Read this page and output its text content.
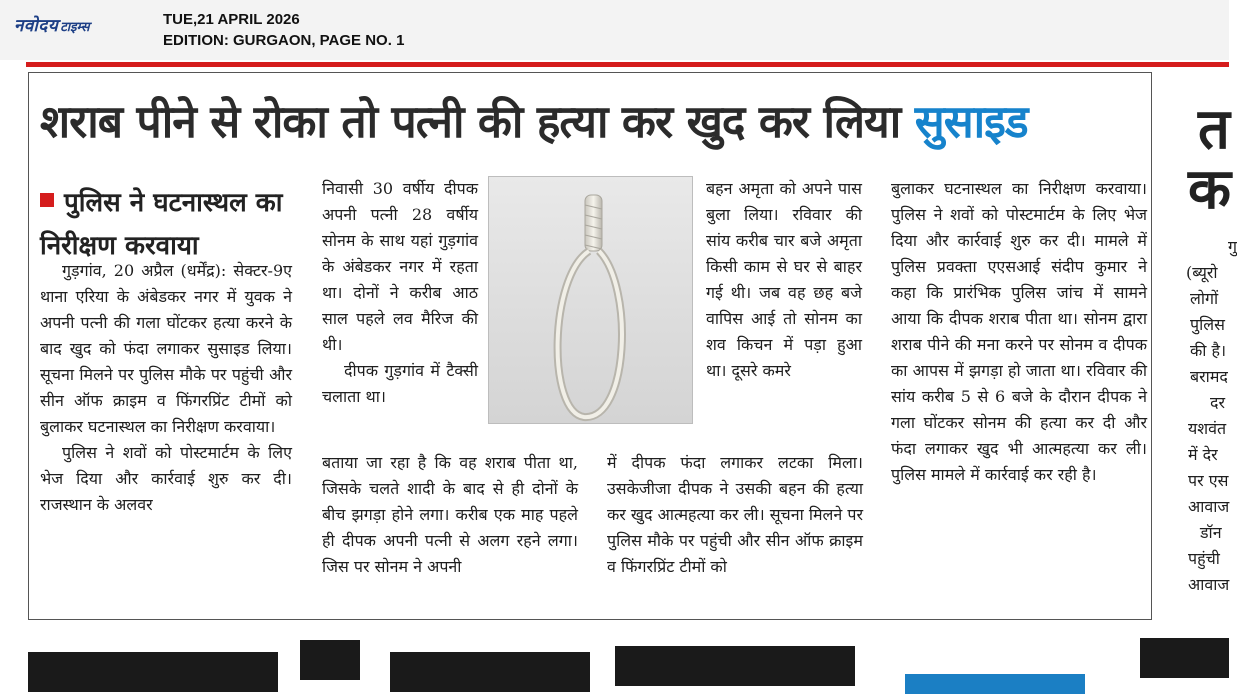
नवोदय टाइम्स	TUE,21 APRIL 2026
EDITION: GURGAON, PAGE NO. 1
शराब पीने से रोका तो पत्नी की हत्या कर खुद कर लिया सुसाइड
पुलिस ने घटनास्थल का निरीक्षण करवाया

गुड़गांव, 20 अप्रैल (धर्मेंद्र): सेक्टर-9ए थाना एरिया के अंबेडकर नगर में युवक ने अपनी पत्नी की गला घोंटकर हत्या करने के बाद खुद को फंदा लगाकर सुसाइड लिया। सूचना मिलने पर पुलिस मौके पर पहुंची और सीन ऑफ क्राइम व फिंगरप्रिंट टीमों को बुलाकर घटनास्थल का निरीक्षण करवाया।

पुलिस ने शवों को पोस्टमार्टम के लिए भेज दिया और कार्रवाई शुरु कर दी। राजस्थान के अलवर

निवासी 30 वर्षीय दीपक अपनी पत्नी 28 वर्षीय सोनम के साथ यहां गुड़गांव के अंबेडकर नगर में रहता था। दोनों ने करीब आठ साल पहले लव मैरिज की थी।

दीपक गुड़गांव में टैक्सी चलाता था।

बताया जा रहा है कि वह शराब पीता था, जिसके चलते शादी के बाद से ही दोनों के बीच झगड़ा होने लगा। करीब एक माह पहले ही दीपक अपनी पत्नी से अलग रहने लगा। जिस पर सोनम ने अपनी

बहन अमृता को अपने पास बुला लिया। रविवार की सांय करीब चार बजे अमृता किसी काम से घर से बाहर गई थी। जब वह छह बजे वापिस आई तो सोनम का शव किचन में पड़ा हुआ था। दूसरे कमरे

में दीपक फंदा लगाकर लटका मिला। उसकेजीजा दीपक ने उसकी बहन की हत्या कर खुद आत्महत्या कर ली। सूचना मिलने पर पुलिस मौके पर पहुंची और सीन ऑफ क्राइम व फिंगरप्रिंट टीमों को

बुलाकर घटनास्थल का निरीक्षण करवाया। पुलिस ने शवों को पोस्टमार्टम के लिए भेज दिया और कार्रवाई शुरु कर दी। मामले में पुलिस प्रवक्ता एएसआई संदीप कुमार ने कहा कि प्रारंभिक पुलिस जांच में सामने आया कि दीपक शराब पीता था। सोनम द्वारा शराब पीने की मना करने पर सोनम व दीपक का आपस में झगड़ा हो जाता था। रविवार की सांय करीब 5 से 6 बजे के दौरान दीपक ने गला घोंटकर सोनम की हत्या कर दी और फंदा लगाकर खुद भी आत्महत्या कर ली। पुलिस मामले में कार्रवाई कर रही है।

त
क
गु
(ब्यूरो
लोगों
पुलिस
की है।
बरामद
दर
यशवंत
में देर
पर एस
आवाज
डॉन
पहुंची
आवाज
